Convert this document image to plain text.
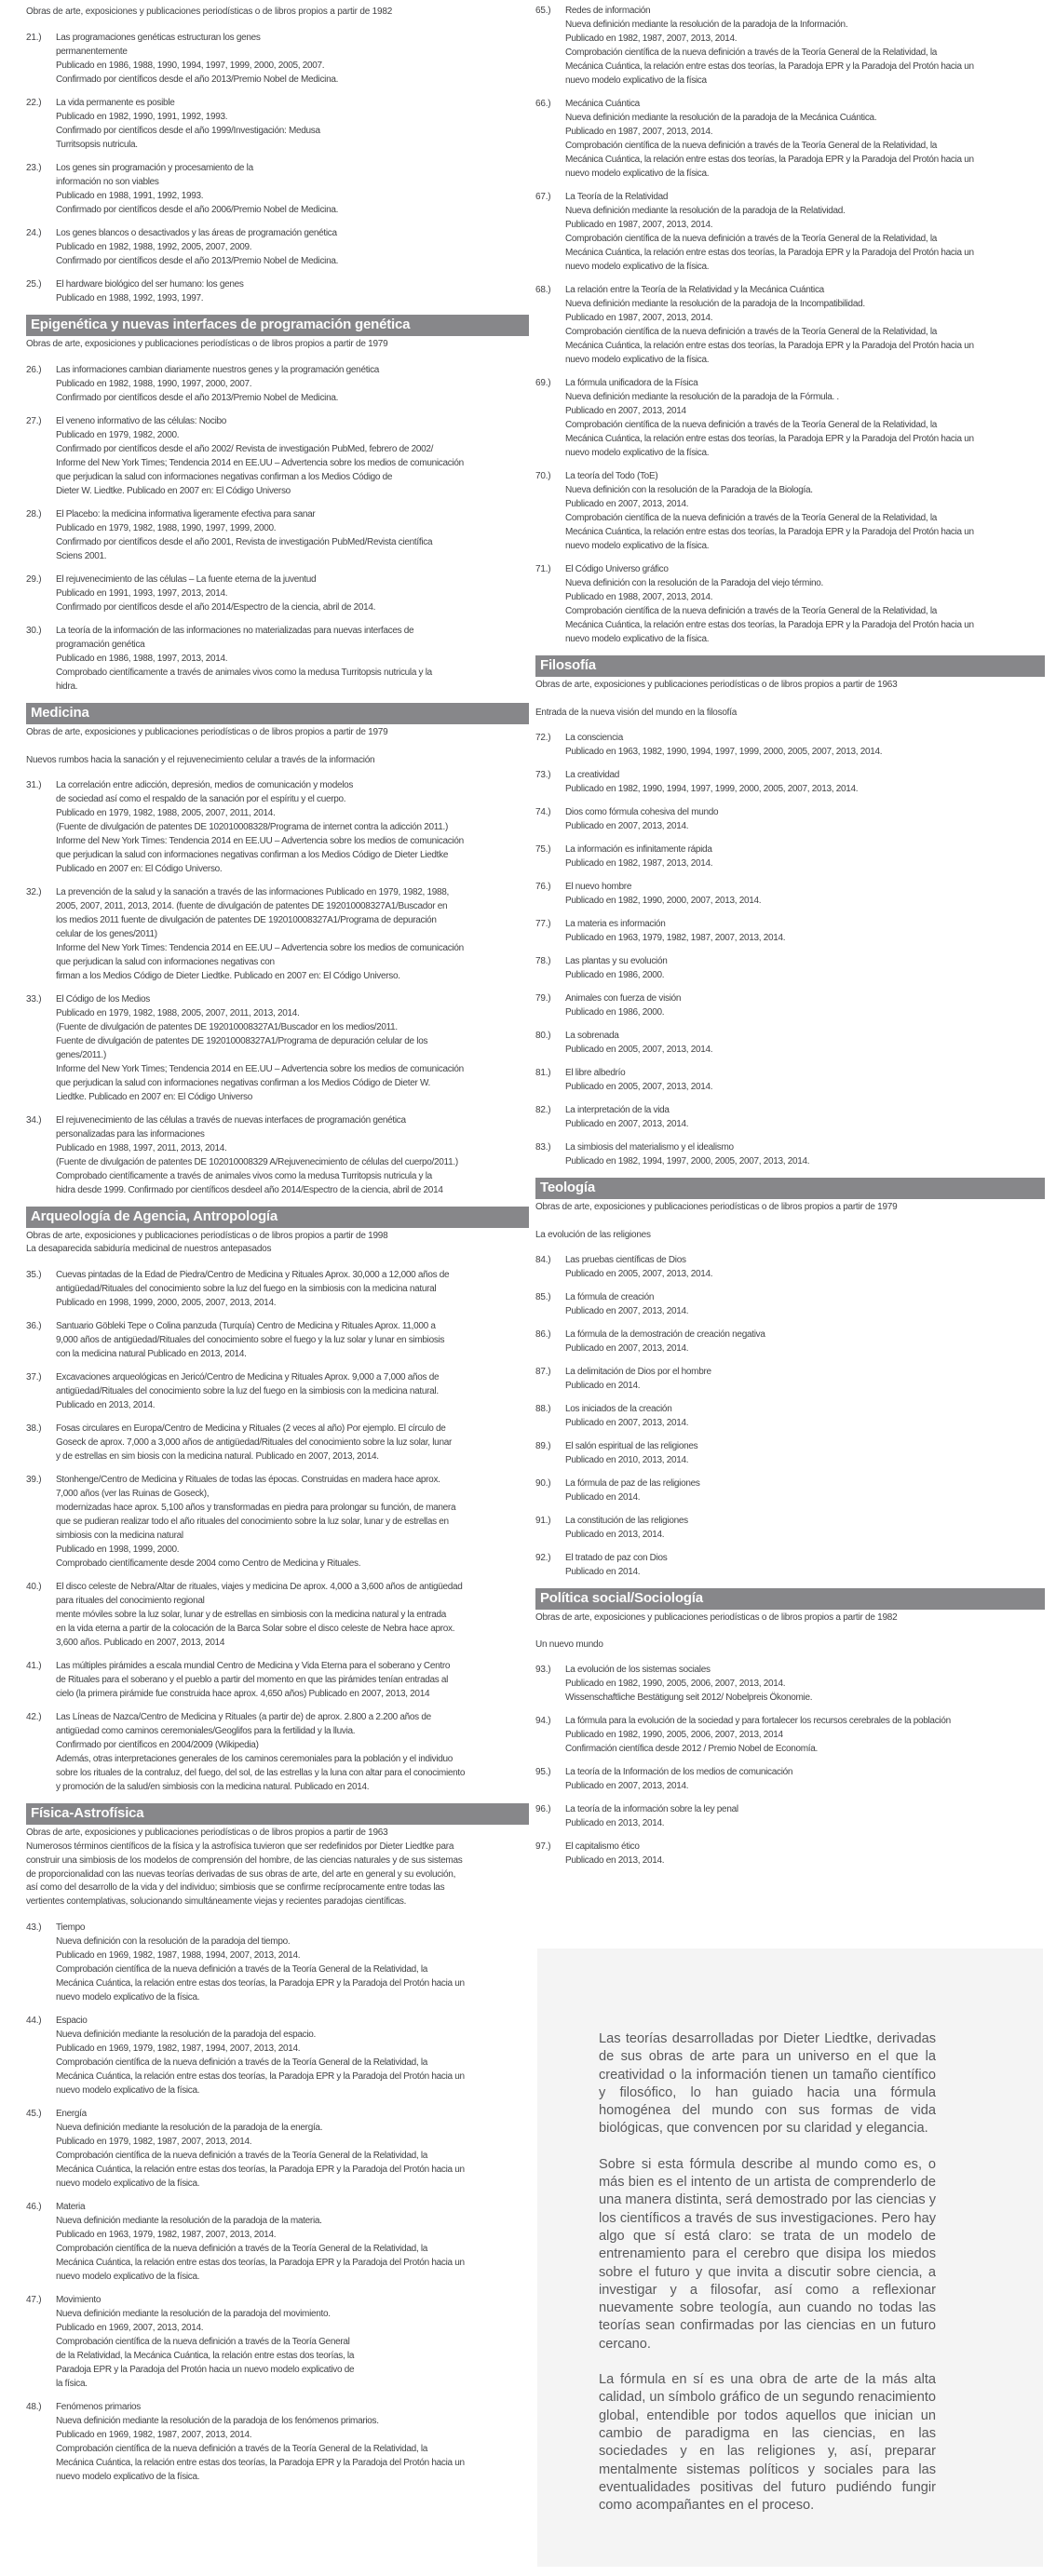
Obras de arte, exposiciones y publicaciones periodísticas o de libros propios a partir de 1982
21.)	Las programaciones genéticas estructuran los genes
permanentemente
Publicado en 1986, 1988, 1990, 1994, 1997, 1999, 2000, 2005, 2007.
Confirmado por científicos desde el año 2013/Premio Nobel de Medicina.
22.)	La vida permanente es posible
Publicado en 1982, 1990, 1991, 1992, 1993.
Confirmado por científicos desde el año 1999/Investigación: Medusa
Turritsopsis nutricula.
23.)	Los genes sin programación y procesamiento de la
información no son viables
Publicado en 1988, 1991, 1992, 1993.
Confirmado por científicos desde el año 2006/Premio Nobel de Medicina.
24.)	Los genes blancos o desactivados y las áreas de programación genética
Publicado en 1982, 1988, 1992, 2005, 2007, 2009.
Confirmado por científicos desde el año 2013/Premio Nobel de Medicina.
25.)	El hardware biológico del ser humano: los genes
Publicado en 1988, 1992, 1993, 1997.
Epigenética y nuevas interfaces de programación genética
Obras de arte, exposiciones y publicaciones periodísticas o de libros propios a partir de 1979
26.)	Las informaciones cambian diariamente nuestros genes y la programación genética
Publicado en 1982, 1988, 1990, 1997, 2000, 2007.
Confirmado por científicos desde el año 2013/Premio Nobel de Medicina.
27.)	El veneno informativo de las células: Nocibo
Publicado en 1979, 1982, 2000.
Confirmado por científicos desde el año 2002/ Revista de investigación PubMed, febrero de 2002/
Informe del New York Times; Tendencia 2014 en EE.UU – Advertencia sobre los medios de comunicación
que perjudican la salud con informaciones negativas confirman a los Medios Código de
Dieter W. Liedtke. Publicado en 2007 en: El Código Universo
28.)	El Placebo: la medicina informativa ligeramente efectiva para sanar
Publicado en 1979, 1982, 1988, 1990, 1997, 1999, 2000.
Confirmado por científicos desde el año 2001, Revista de investigación PubMed/Revista científica
Sciens 2001.
29.)	El rejuvenecimiento de las células – La fuente eterna de la juventud
Publicado en 1991, 1993, 1997, 2013, 2014.
Confirmado por científicos desde el año 2014/Espectro de la ciencia, abril de 2014.
30.)	La teoría de la información de las informaciones no materializadas para nuevas interfaces de
programación genética
Publicado en 1986, 1988, 1997, 2013, 2014.
Comprobado científicamente a través de animales vivos como la medusa Turritopsis nutricula y la
hidra.
Medicina
Obras de arte, exposiciones y publicaciones periodísticas o de libros propios a partir de 1979
Nuevos rumbos hacia la sanación y el rejuvenecimiento celular a través de la información
31.)	La correlación entre adicción, depresión, medios de comunicación y modelos
de sociedad así como el respaldo de la sanación por el espíritu y el cuerpo.
Publicado en 1979, 1982, 1988, 2005, 2007, 2011, 2014.
(Fuente de divulgación de patentes DE 102010008328/Programa de internet contra la adicción 2011.)
Informe del New York Times: Tendencia 2014 en EE.UU – Advertencia sobre los medios de comunicación
que perjudican la salud con informaciones negativas confirman a los Medios Código de Dieter Liedtke
Publicado en 2007 en: El Código Universo.
32.)	La prevención de la salud y la sanación a través de las informaciones Publicado en 1979, 1982, 1988,
2005, 2007, 2011, 2013, 2014. (fuente de divulgación de patentes DE 192010008327A1/Buscador en
los medios 2011 fuente de divulgación de patentes DE 192010008327A1/Programa de depuración
celular de los genes/2011)
Informe del New York Times: Tendencia 2014 en EE.UU – Advertencia sobre los medios de comunicación
que perjudican la salud con informaciones negativas con
firman a los Medios Código de Dieter Liedtke. Publicado en 2007 en: El Código Universo.
33.)	El Código de los Medios
Publicado en 1979, 1982, 1988, 2005, 2007, 2011, 2013, 2014.
(Fuente de divulgación de patentes DE 192010008327A1/Buscador en los medios/2011.
Fuente de divulgación de patentes DE 192010008327A1/Programa de depuración celular de los
genes/2011.)
Informe del New York Times; Tendencia 2014 en EE.UU – Advertencia sobre los medios de comunicación
que perjudican la salud con informaciones negativas confirman a los Medios Código de Dieter W.
Liedtke. Publicado en 2007 en: El Código Universo
34.)	El rejuvenecimiento de las células a través de nuevas interfaces de programación genética
personalizadas para las informaciones
Publicado en 1988, 1997, 2011, 2013, 2014.
(Fuente de divulgación de patentes DE 102010008329 A/Rejuvenecimiento de células del cuerpo/2011.)
Comprobado científicamente a través de animales vivos como la medusa Turritopsis nutricula y la
hidra desde 1999. Confirmado por científicos desdeel año 2014/Espectro de la ciencia, abril de 2014
Arqueología de Agencia, Antropología
Obras de arte, exposiciones y publicaciones periodísticas o de libros propios a partir de 1998
La desaparecida sabiduría medicinal de nuestros antepasados
35.)	Cuevas pintadas de la Edad de Piedra/Centro de Medicina y Rituales Aprox. 30,000 a 12,000 años de
antigüedad/Rituales del conocimiento sobre la luz del fuego en la simbiosis con la medicina natural
Publicado en 1998, 1999, 2000, 2005, 2007, 2013, 2014.
36.)	Santuario Göbleki Tepe o Colina panzuda (Turquía) Centro de Medicina y Rituales Aprox. 11,000 a
9,000 años de antigüedad/Rituales del conocimiento sobre el fuego y la luz solar y lunar en simbiosis
con la medicina natural Publicado en 2013, 2014.
37.)	Excavaciones arqueológicas en Jericó/Centro de Medicina y Rituales Aprox. 9,000 a 7,000 años de
antigüedad/Rituales del conocimiento sobre la luz del fuego en la simbiosis con la medicina natural.
Publicado en 2013, 2014.
38.)	Fosas circulares en Europa/Centro de Medicina y Rituales (2 veces al año) Por ejemplo. El círculo de
Goseck de aprox. 7,000 a 3,000 años de antigüedad/Rituales del conocimiento sobre la luz solar, lunar
y de estrellas en sim biosis con la medicina natural. Publicado en 2007, 2013, 2014.
39.)	Stonhenge/Centro de Medicina y Rituales de todas las épocas. Construidas en madera hace aprox.
7,000 años (ver las Ruinas de Goseck),
modernizadas hace aprox. 5,100 años y transformadas en piedra para prolongar su función, de manera
que se pudieran realizar todo el año rituales del conocimiento sobre la luz solar, lunar y de estrellas en
simbiosis con la medicina natural
Publicado en 1998, 1999, 2000.
Comprobado científicamente desde 2004 como Centro de Medicina y Rituales.
40.)	El disco celeste de Nebra/Altar de rituales, viajes y medicina De aprox. 4,000 a 3,600 años de antigüedad
para rituales del conocimiento regional
mente móviles sobre la luz solar, lunar y de estrellas en simbiosis con la medicina natural y la entrada
en la vida eterna a partir de la colocación de la Barca Solar sobre el disco celeste de Nebra hace aprox.
3,600 años. Publicado en 2007, 2013, 2014
41.)	Las múltiples pirámides a escala mundial Centro de Medicina y Vida Eterna para el soberano y Centro
de Rituales para el soberano y el pueblo a partir del momento en que las pirámides tenían entradas al
cielo (la primera pirámide fue construida hace aprox. 4,650 años) Publicado en 2007, 2013, 2014
42.)	Las Líneas de Nazca/Centro de Medicina y Rituales (a partir de) de aprox. 2.800 a 2.200 años de
antigüedad como caminos ceremoniales/Geoglifos para la fertilidad y la lluvia.
Confirmado por científicos en 2004/2009 (Wikipedia)
Además, otras interpretaciones generales de los caminos ceremoniales para la población y el individuo
sobre los rituales de la contraluz, del fuego, del sol, de las estrellas y la luna con altar para el conocimiento
y promoción de la salud/en simbiosis con la medicina natural. Publicado en 2014.
Física-Astrofísica
Obras de arte, exposiciones y publicaciones periodísticas o de libros propios a partir de 1963
Numerosos términos científicos de la física y la astrofísica tuvieron que ser redefinidos por Dieter Liedtke para
construir una simbiosis de los modelos de comprensión del hombre, de las ciencias naturales y de sus sistemas
de proporcionalidad con las nuevas teorías derivadas de sus obras de arte, del arte en general y su evolución,
así como del desarrollo de la vida y del individuo; simbiosis que se confirme recíprocamente entre todas las
vertientes contemplativas, solucionando simultáneamente viejas y recientes paradojas científicas.
43.)	Tiempo
Nueva definición con la resolución de la paradoja del tiempo.
Publicado en 1969, 1982, 1987, 1988, 1994, 2007, 2013, 2014.
Comprobación científica de la nueva definición a través de la Teoría General de la Relatividad, la
Mecánica Cuántica, la relación entre estas dos teorías, la Paradoja EPR y la Paradoja del Protón hacia un
nuevo modelo explicativo de la física.
44.)	Espacio
Nueva definición mediante la resolución de la paradoja del espacio.
Publicado en 1969, 1979, 1982, 1987, 1994, 2007, 2013, 2014.
Comprobación científica de la nueva definición a través de la Teoría General de la Relatividad, la
Mecánica Cuántica, la relación entre estas dos teorías, la Paradoja EPR y la Paradoja del Protón hacia un
nuevo modelo explicativo de la física.
45.)	Energía
Nueva definición mediante la resolución de la paradoja de la energía.
Publicado en 1979, 1982, 1987, 2007, 2013, 2014.
Comprobación científica de la nueva definición a través de la Teoría General de la Relatividad, la
Mecánica Cuántica, la relación entre estas dos teorías, la Paradoja EPR y la Paradoja del Protón hacia un
nuevo modelo explicativo de la física.
46.)	Materia
Nueva definición mediante la resolución de la paradoja de la materia.
Publicado en 1963, 1979, 1982, 1987, 2007, 2013, 2014.
Comprobación científica de la nueva definición a través de la Teoría General de la Relatividad, la
Mecánica Cuántica, la relación entre estas dos teorías, la Paradoja EPR y la Paradoja del Protón hacia un
nuevo modelo explicativo de la física.
47.)	Movimiento
Nueva definición mediante la resolución de la paradoja del movimiento.
Publicado en 1969, 2007, 2013, 2014.
Comprobación científica de la nueva definición a través de la Teoría General
de la Relatividad, la Mecánica Cuántica, la relación entre estas dos teorías, la
Paradoja EPR y la Paradoja del Protón hacia un nuevo modelo explicativo de
la física.
48.)	Fenómenos primarios
Nueva definición mediante la resolución de la paradoja de los fenómenos primarios.
Publicado en 1969, 1982, 1987, 2007, 2013, 2014.
Comprobación científica de la nueva definición a través de la Teoría General de la Relatividad, la
Mecánica Cuántica, la relación entre estas dos teorías, la Paradoja EPR y la Paradoja del Protón hacia un
nuevo modelo explicativo de la física.
65.)	Redes de información
Nueva definición mediante la resolución de la paradoja de la Información.
Publicado en 1982, 1987, 2007, 2013, 2014.
Comprobación científica de la nueva definición a través de la Teoría General de la Relatividad, la
Mecánica Cuántica, la relación entre estas dos teorías, la Paradoja EPR y la Paradoja del Protón hacia un
nuevo modelo explicativo de la física
66.)	Mecánica Cuántica
Nueva definición mediante la resolución de la paradoja de la Mecánica Cuántica.
Publicado en 1987, 2007, 2013, 2014.
Comprobación científica de la nueva definición a través de la Teoría General de la Relatividad, la
Mecánica Cuántica, la relación entre estas dos teorías, la Paradoja EPR y la Paradoja del Protón hacia un
nuevo modelo explicativo de la física.
67.)	La Teoría de la Relatividad
Nueva definición mediante la resolución de la paradoja de la Relatividad.
Publicado en 1987, 2007, 2013, 2014.
Comprobación científica de la nueva definición a través de la Teoría General de la Relatividad, la
Mecánica Cuántica, la relación entre estas dos teorías, la Paradoja EPR y la Paradoja del Protón hacia un
nuevo modelo explicativo de la física.
68.)	La relación entre la Teoría de la Relatividad y la Mecánica Cuántica
Nueva definición mediante la resolución de la paradoja de la Incompatibilidad.
Publicado en 1987, 2007, 2013, 2014.
Comprobación científica de la nueva definición a través de la Teoría General de la Relatividad, la
Mecánica Cuántica, la relación entre estas dos teorías, la Paradoja EPR y la Paradoja del Protón hacia un
nuevo modelo explicativo de la física.
69.)	La fórmula unificadora de la Física
Nueva definición mediante la resolución de la paradoja de la Fórmula. .
Publicado en 2007, 2013, 2014
Comprobación científica de la nueva definición a través de la Teoría General de la Relatividad, la
Mecánica Cuántica, la relación entre estas dos teorías, la Paradoja EPR y la Paradoja del Protón hacia un
nuevo modelo explicativo de la física.
70.)	La teoría del Todo (ToE)
Nueva definición con la resolución de la Paradoja de la Biología.
Publicado en 2007, 2013, 2014.
Comprobación científica de la nueva definición a través de la Teoría General de la Relatividad, la
Mecánica Cuántica, la relación entre estas dos teorías, la Paradoja EPR y la Paradoja del Protón hacia un
nuevo modelo explicativo de la física.
71.)	El Código Universo gráfico
Nueva definición con la resolución de la Paradoja del viejo término.
Publicado en 1988, 2007, 2013, 2014.
Comprobación científica de la nueva definición a través de la Teoría General de la Relatividad, la
Mecánica Cuántica, la relación entre estas dos teorías, la Paradoja EPR y la Paradoja del Protón hacia un
nuevo modelo explicativo de la física.
Filosofía
Obras de arte, exposiciones y publicaciones periodísticas o de libros propios a partir de 1963
Entrada de la nueva visión del mundo en la filosofía
72.)	La consciencia
Publicado en 1963, 1982, 1990, 1994, 1997, 1999, 2000, 2005, 2007, 2013, 2014.
73.)	La creatividad
Publicado en 1982, 1990, 1994, 1997, 1999, 2000, 2005, 2007, 2013, 2014.
74.)	Dios como fórmula cohesiva del mundo
Publicado en 2007, 2013, 2014.
75.)	La información es infinitamente rápida
Publicado en 1982, 1987, 2013, 2014.
76.)	El nuevo hombre
Publicado en 1982, 1990, 2000, 2007, 2013, 2014.
77.)	La materia es información
Publicado en 1963, 1979, 1982, 1987, 2007, 2013, 2014.
78.)	Las plantas y su evolución
Publicado en 1986, 2000.
79.)	Animales con fuerza de visión
Publicado en 1986, 2000.
80.)	La sobrenada
Publicado en 2005, 2007, 2013, 2014.
81.)	El libre albedrío
Publicado en 2005, 2007, 2013, 2014.
82.)	La interpretación de la vida
Publicado en 2007, 2013, 2014.
83.)	La simbiosis del materialismo y el idealismo
Publicado en 1982, 1994, 1997, 2000, 2005, 2007, 2013, 2014.
Teología
Obras de arte, exposiciones y publicaciones periodísticas o de libros propios a partir de 1979
La evolución de las religiones
84.)	Las pruebas científicas de Dios
Publicado en 2005, 2007, 2013, 2014.
85.)	La fórmula de creación
Publicado en 2007, 2013, 2014.
86.)	La fórmula de la demostración de creación negativa
Publicado en 2007, 2013, 2014.
87.)	La delimitación de Dios por el hombre
Publicado en 2014.
88.)	Los iniciados de la creación
Publicado en 2007, 2013, 2014.
89.)	El salón espiritual de las religiones
Publicado en 2010, 2013, 2014.
90.)	La fórmula de paz de las religiones
Publicado en 2014.
91.)	La constitución de las religiones
Publicado en 2013, 2014.
92.)	El tratado de paz con Dios
Publicado en 2014.
Política social/Sociología
Obras de arte, exposiciones y publicaciones periodísticas o de libros propios a partir de 1982
Un nuevo mundo
93.)	La evolución de los sistemas sociales
Publicado en 1982, 1990, 2005, 2006, 2007, 2013, 2014.
Wissenschaftliche Bestätigung seit 2012/ Nobelpreis Ökonomie.
94.)	La fórmula para la evolución de la sociedad y para fortalecer los recursos cerebrales de la población
Publicado en 1982, 1990, 2005, 2006, 2007, 2013, 2014
Confirmación científica desde 2012 / Premio Nobel de Economía.
95.)	La teoría de la Información de los medios de comunicación
Publicado en 2007, 2013, 2014.
96.)	La teoría de la información sobre la ley penal
Publicado en 2013, 2014.
97.)	El capitalismo ético
Publicado en 2013, 2014.

Las teorías desarrolladas por Dieter Liedtke, derivadas de sus obras de arte para un universo en el que la creatividad o la información tienen un tamaño científico y filosófico, lo han guiado hacia una fórmula homogénea del mundo con sus formas de vida biológicas, que convencen por su claridad y elegancia.

Sobre si esta fórmula describe al mundo como es, o más bien es el intento de un artista de comprenderlo de una manera distinta, será demostrado por las ciencias y los científicos a través de sus investigaciones. Pero hay algo que sí está claro: se trata de un modelo de entrenamiento para el cerebro que disipa los miedos sobre el futuro y que invita a discutir sobre ciencia, a investigar y a filosofar, así como a reflexionar nuevamente sobre teología, aun cuando no todas las teorías sean confirmadas por las ciencias en un futuro cercano.

La fórmula en sí es una obra de arte de la más alta calidad, un símbolo gráfico de un segundo renacimiento global, entendible por todos aquellos que inician un cambio de paradigma en las ciencias, en las sociedades y en las religiones y, así, preparar mentalmente sistemas políticos y sociales para las eventualidades positivas del futuro pudiéndo fungir como acompañantes en el proceso.
